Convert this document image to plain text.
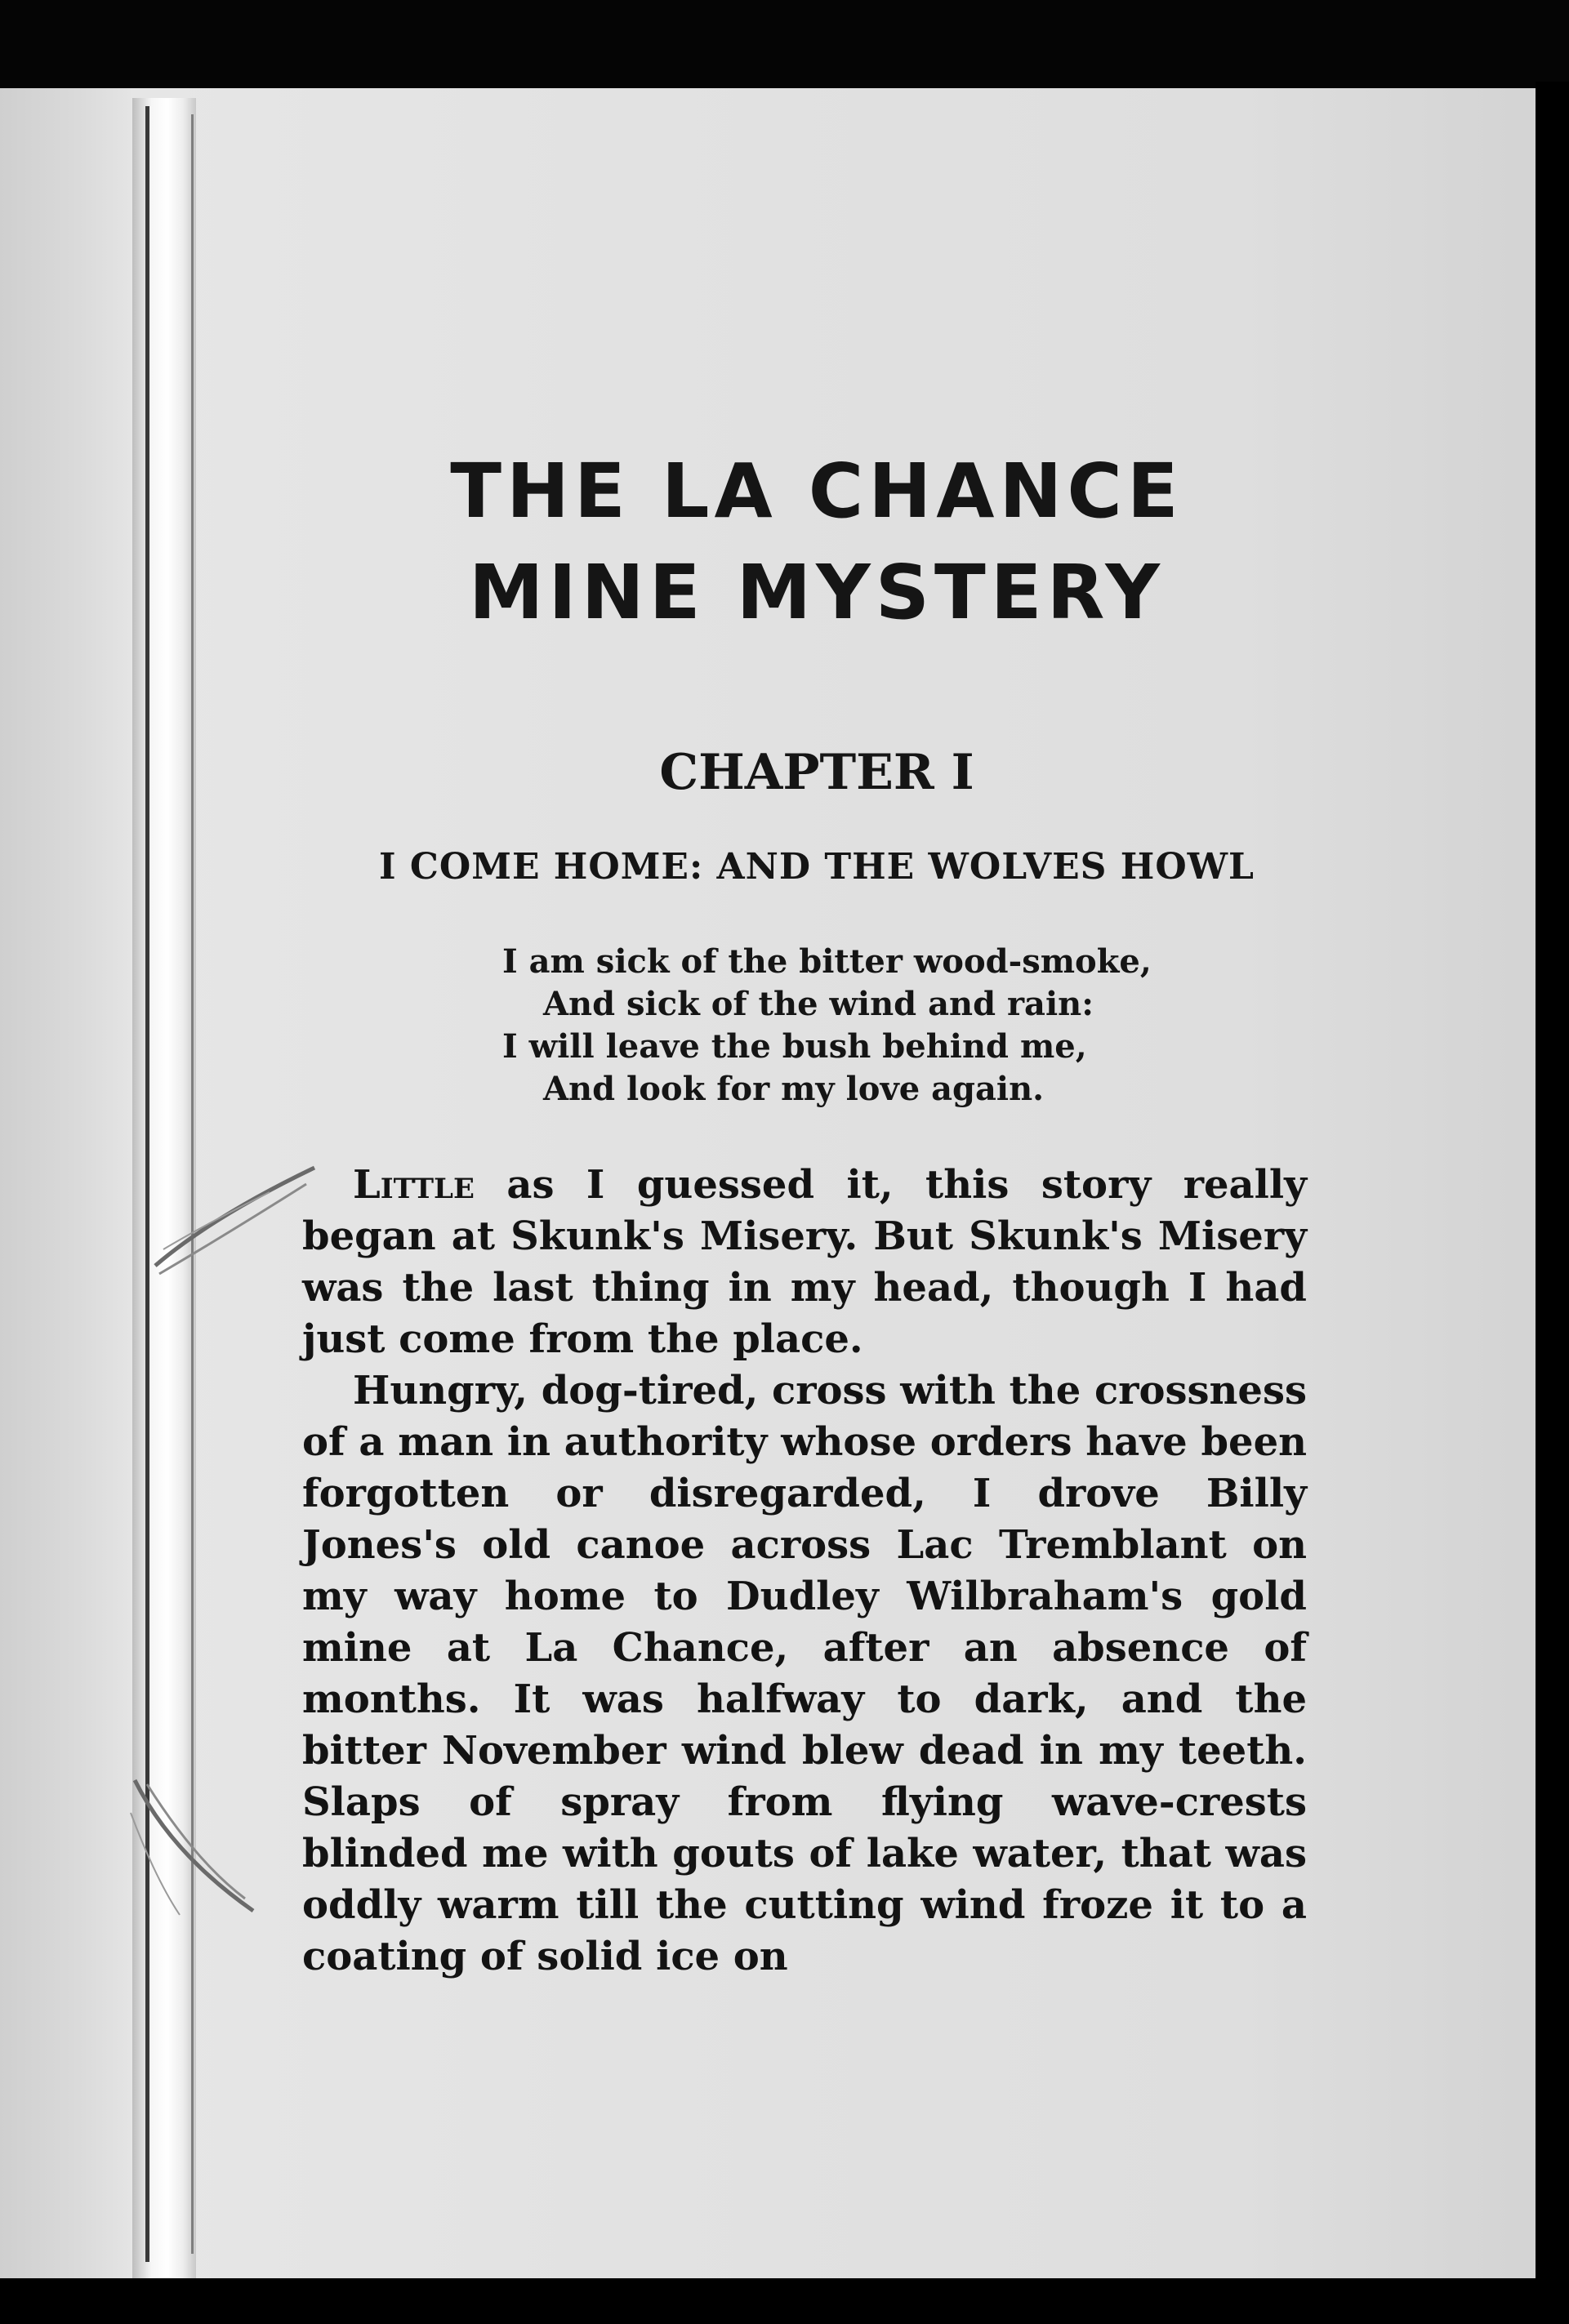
THE LA CHANCE
MINE MYSTERY
CHAPTER I
I COME HOME: AND THE WOLVES HOWL
I am sick of the bitter wood-smoke,
And sick of the wind and rain:
I will leave the bush behind me,
And look for my love again.

Little as I guessed it, this story really began at Skunk's Misery. But Skunk's Misery was the last thing in my head, though I had just come from the place.

Hungry, dog-tired, cross with the crossness of a man in authority whose orders have been forgotten or disregarded, I drove Billy Jones's old canoe across Lac Tremblant on my way home to Dudley Wilbraham's gold mine at La Chance, after an absence of months. It was halfway to dark, and the bitter November wind blew dead in my teeth. Slaps of spray from flying wave-crests blinded me with gouts of lake water, that was oddly warm till the cutting wind froze it to a coating of solid ice on
